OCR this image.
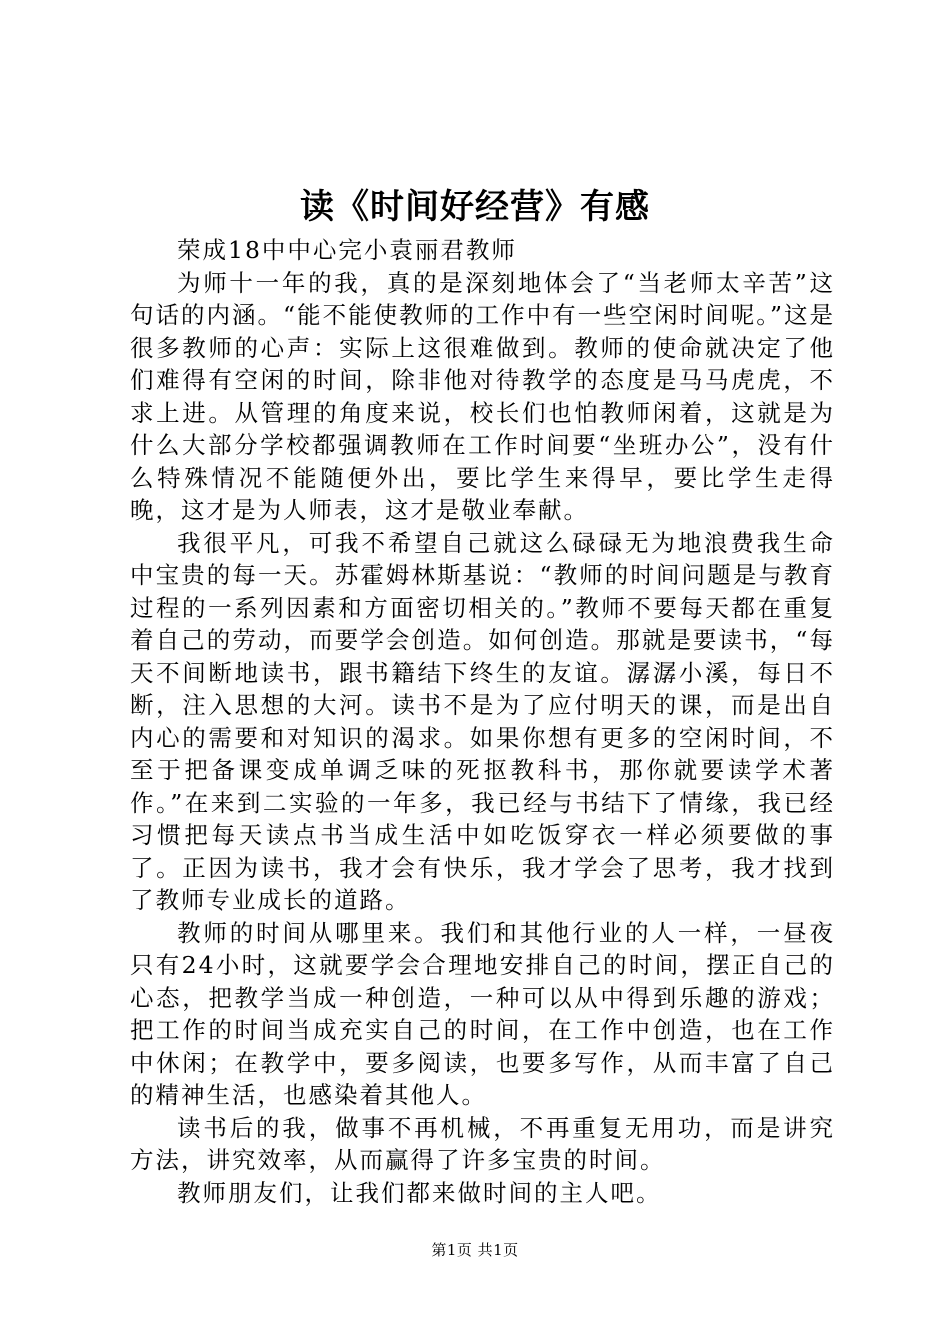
读《时间好经营》有感

荣成18中中心完小袁丽君教师

为师十一年的我，真的是深刻地体会了“当老师太辛苦”这句话的内涵。“能不能使教师的工作中有一些空闲时间呢。”这是很多教师的心声：实际上这很难做到。教师的使命就决定了他们难得有空闲的时间，除非他对待教学的态度是马马虎虎，不求上进。从管理的角度来说，校长们也怕教师闲着，这就是为什么大部分学校都强调教师在工作时间要“坐班办公”，没有什么特殊情况不能随便外出，要比学生来得早，要比学生走得晚，这才是为人师表，这才是敬业奉献。

我很平凡，可我不希望自己就这么碌碌无为地浪费我生命中宝贵的每一天。苏霍姆林斯基说：“教师的时间问题是与教育过程的一系列因素和方面密切相关的。”教师不要每天都在重复着自己的劳动，而要学会创造。如何创造。那就是要读书，“每天不间断地读书，跟书籍结下终生的友谊。潺潺小溪，每日不断，注入思想的大河。读书不是为了应付明天的课，而是出自内心的需要和对知识的渴求。如果你想有更多的空闲时间，不至于把备课变成单调乏味的死抠教科书，那你就要读学术著作。”在来到二实验的一年多，我已经与书结下了情缘，我已经习惯把每天读点书当成生活中如吃饭穿衣一样必须要做的事了。正因为读书，我才会有快乐，我才学会了思考，我才找到了教师专业成长的道路。

教师的时间从哪里来。我们和其他行业的人一样，一昼夜只有24小时，这就要学会合理地安排自己的时间，摆正自己的心态，把教学当成一种创造，一种可以从中得到乐趣的游戏；把工作的时间当成充实自己的时间，在工作中创造，也在工作中休闲；在教学中，要多阅读，也要多写作，从而丰富了自己的精神生活，也感染着其他人。

读书后的我，做事不再机械，不再重复无用功，而是讲究方法，讲究效率，从而赢得了许多宝贵的时间。

教师朋友们，让我们都来做时间的主人吧。

第1页 共1页
